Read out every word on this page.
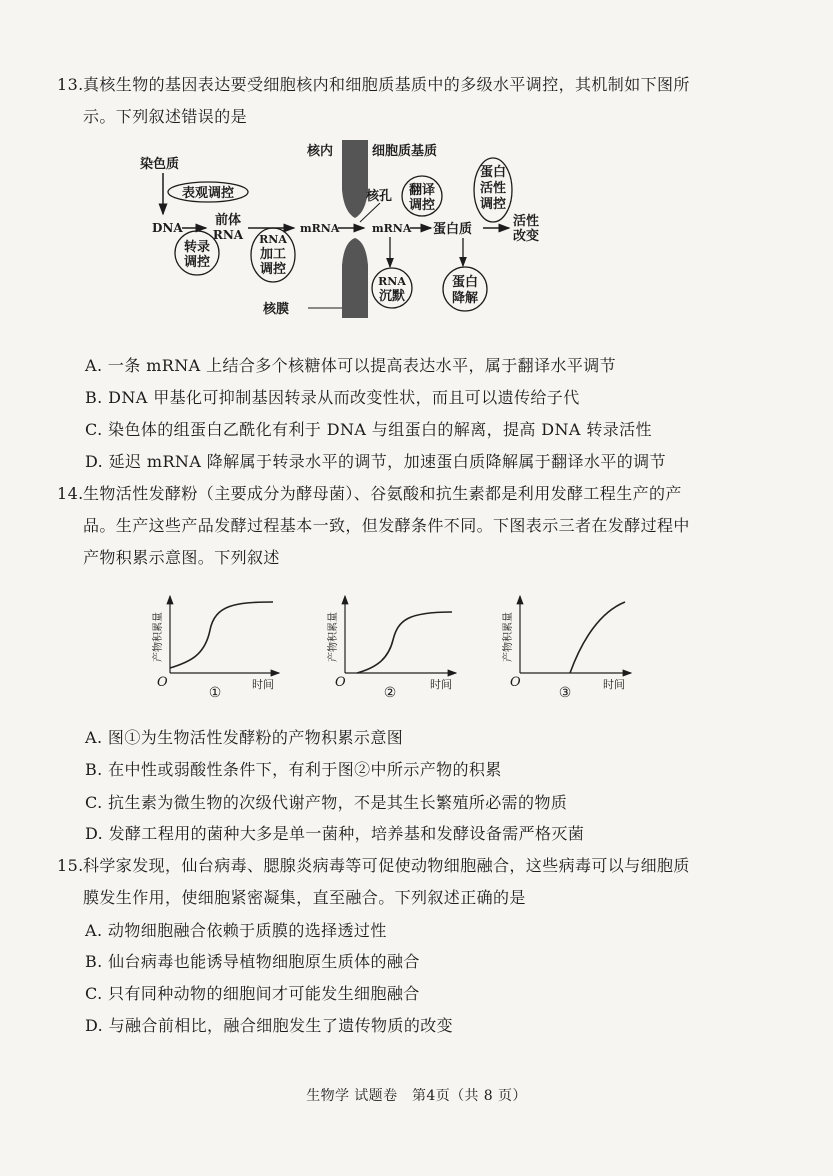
13.真核生物的基因表达要受细胞核内和细胞质基质中的多级水平调控，其机制如下图所
示。下列叙述错误的是
染色质
表观调控
DNA 前体
RNA
转录
调控
RNA
加工
调控
mRNA
核内	细胞质基质
核孔 翻译
调控
mRNA 蛋白质
蛋白
活性
调控
活性
改变
RNA
沉默
蛋白
降解
核膜
O	时间
①
产物积累量
O	时间
②
产物积累量
O	时间
③
产物积累量
A. 一条 mRNA 上结合多个核糖体可以提高表达水平，属于翻译水平调节
B. DNA 甲基化可抑制基因转录从而改变性状，而且可以遗传给子代
C. 染色体的组蛋白乙酰化有利于 DNA 与组蛋白的解离，提高 DNA 转录活性
D. 延迟 mRNA 降解属于转录水平的调节，加速蛋白质降解属于翻译水平的调节
14.生物活性发酵粉（主要成分为酵母菌）、谷氨酸和抗生素都是利用发酵工程生产的产
品。生产这些产品发酵过程基本一致，但发酵条件不同。下图表示三者在发酵过程中
产物积累示意图。下列叙述
A. 图①为生物活性发酵粉的产物积累示意图
B. 在中性或弱酸性条件下，有利于图②中所示产物的积累
C. 抗生素为微生物的次级代谢产物，不是其生长繁殖所必需的物质
D. 发酵工程用的菌种大多是单一菌种，培养基和发酵设备需严格灭菌
15.科学家发现，仙台病毒、腮腺炎病毒等可促使动物细胞融合，这些病毒可以与细胞质
膜发生作用，使细胞紧密凝集，直至融合。下列叙述正确的是
A. 动物细胞融合依赖于质膜的选择透过性
B. 仙台病毒也能诱导植物细胞原生质体的融合
C. 只有同种动物的细胞间才可能发生细胞融合
D. 与融合前相比，融合细胞发生了遗传物质的改变
生物学 试题卷   第4页（共 8 页）
